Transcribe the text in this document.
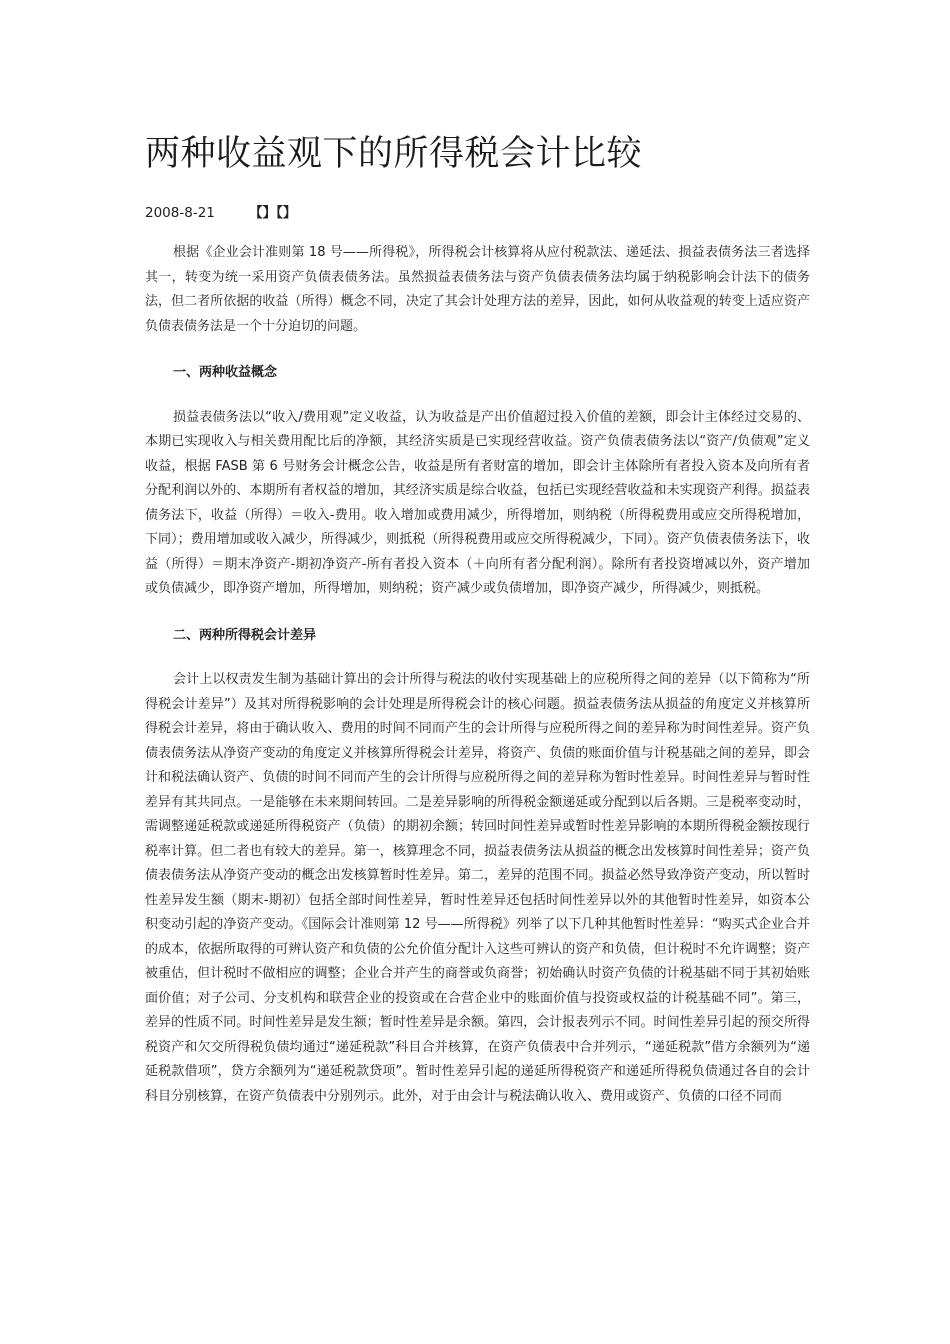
两种收益观下的所得税会计比较
2008-8-21	【】【】

根据《企业会计准则第 18 号——所得税》，所得税会计核算将从应付税款法、递延法、损益表债务法三者选择其一，转变为统一采用资产负债表债务法。虽然损益表债务法与资产负债表债务法均属于纳税影响会计法下的债务法，但二者所依据的收益（所得）概念不同，决定了其会计处理方法的差异，因此，如何从收益观的转变上适应资产负债表债务法是一个十分迫切的问题。

一、两种收益概念

损益表债务法以“收入/费用观”定义收益，认为收益是产出价值超过投入价值的差额，即会计主体经过交易的、本期已实现收入与相关费用配比后的净额，其经济实质是已实现经营收益。资产负债表债务法以“资产/负债观”定义收益，根据 FASB 第 6 号财务会计概念公告，收益是所有者财富的增加，即会计主体除所有者投入资本及向所有者分配利润以外的、本期所有者权益的增加，其经济实质是综合收益，包括已实现经营收益和未实现资产利得。损益表债务法下，收益（所得）＝收入-费用。收入增加或费用减少，所得增加，则纳税（所得税费用或应交所得税增加，下同）；费用增加或收入减少，所得减少，则抵税（所得税费用或应交所得税减少，下同）。资产负债表债务法下，收益（所得）＝期末净资产-期初净资产-所有者投入资本（＋向所有者分配利润）。除所有者投资增减以外，资产增加或负债减少，即净资产增加，所得增加，则纳税；资产减少或负债增加，即净资产减少，所得减少，则抵税。

二、两种所得税会计差异

会计上以权责发生制为基础计算出的会计所得与税法的收付实现基础上的应税所得之间的差异（以下简称为“所得税会计差异”）及其对所得税影响的会计处理是所得税会计的核心问题。损益表债务法从损益的角度定义并核算所得税会计差异，将由于确认收入、费用的时间不同而产生的会计所得与应税所得之间的差异称为时间性差异。资产负债表债务法从净资产变动的角度定义并核算所得税会计差异，将资产、负债的账面价值与计税基础之间的差异，即会计和税法确认资产、负债的时间不同而产生的会计所得与应税所得之间的差异称为暂时性差异。时间性差异与暂时性差异有其共同点。一是能够在未来期间转回。二是差异影响的所得税金额递延或分配到以后各期。三是税率变动时，需调整递延税款或递延所得税资产（负债）的期初余额；转回时间性差异或暂时性差异影响的本期所得税金额按现行税率计算。但二者也有较大的差异。第一，核算理念不同，损益表债务法从损益的概念出发核算时间性差异；资产负债表债务法从净资产变动的概念出发核算暂时性差异。第二，差异的范围不同。损益必然导致净资产变动，所以暂时性差异发生额（期末-期初）包括全部时间性差异，暂时性差异还包括时间性差异以外的其他暂时性差异，如资本公积变动引起的净资产变动。《国际会计准则第 12 号——所得税》列举了以下几种其他暂时性差异：“购买式企业合并的成本，依据所取得的可辨认资产和负债的公允价值分配计入这些可辨认的资产和负债，但计税时不允许调整；资产被重估，但计税时不做相应的调整；企业合并产生的商誉或负商誉；初始确认时资产负债的计税基础不同于其初始账面价值；对子公司、分支机构和联营企业的投资或在合营企业中的账面价值与投资或权益的计税基础不同”。第三，差异的性质不同。时间性差异是发生额；暂时性差异是余额。第四，会计报表列示不同。时间性差异引起的预交所得税资产和欠交所得税负债均通过“递延税款”科目合并核算，在资产负债表中合并列示，“递延税款”借方余额列为“递延税款借项”，贷方余额列为“递延税款贷项”。暂时性差异引起的递延所得税资产和递延所得税负债通过各自的会计科目分别核算，在资产负债表中分别列示。此外，对于由会计与税法确认收入、费用或资产、负债的口径不同而
